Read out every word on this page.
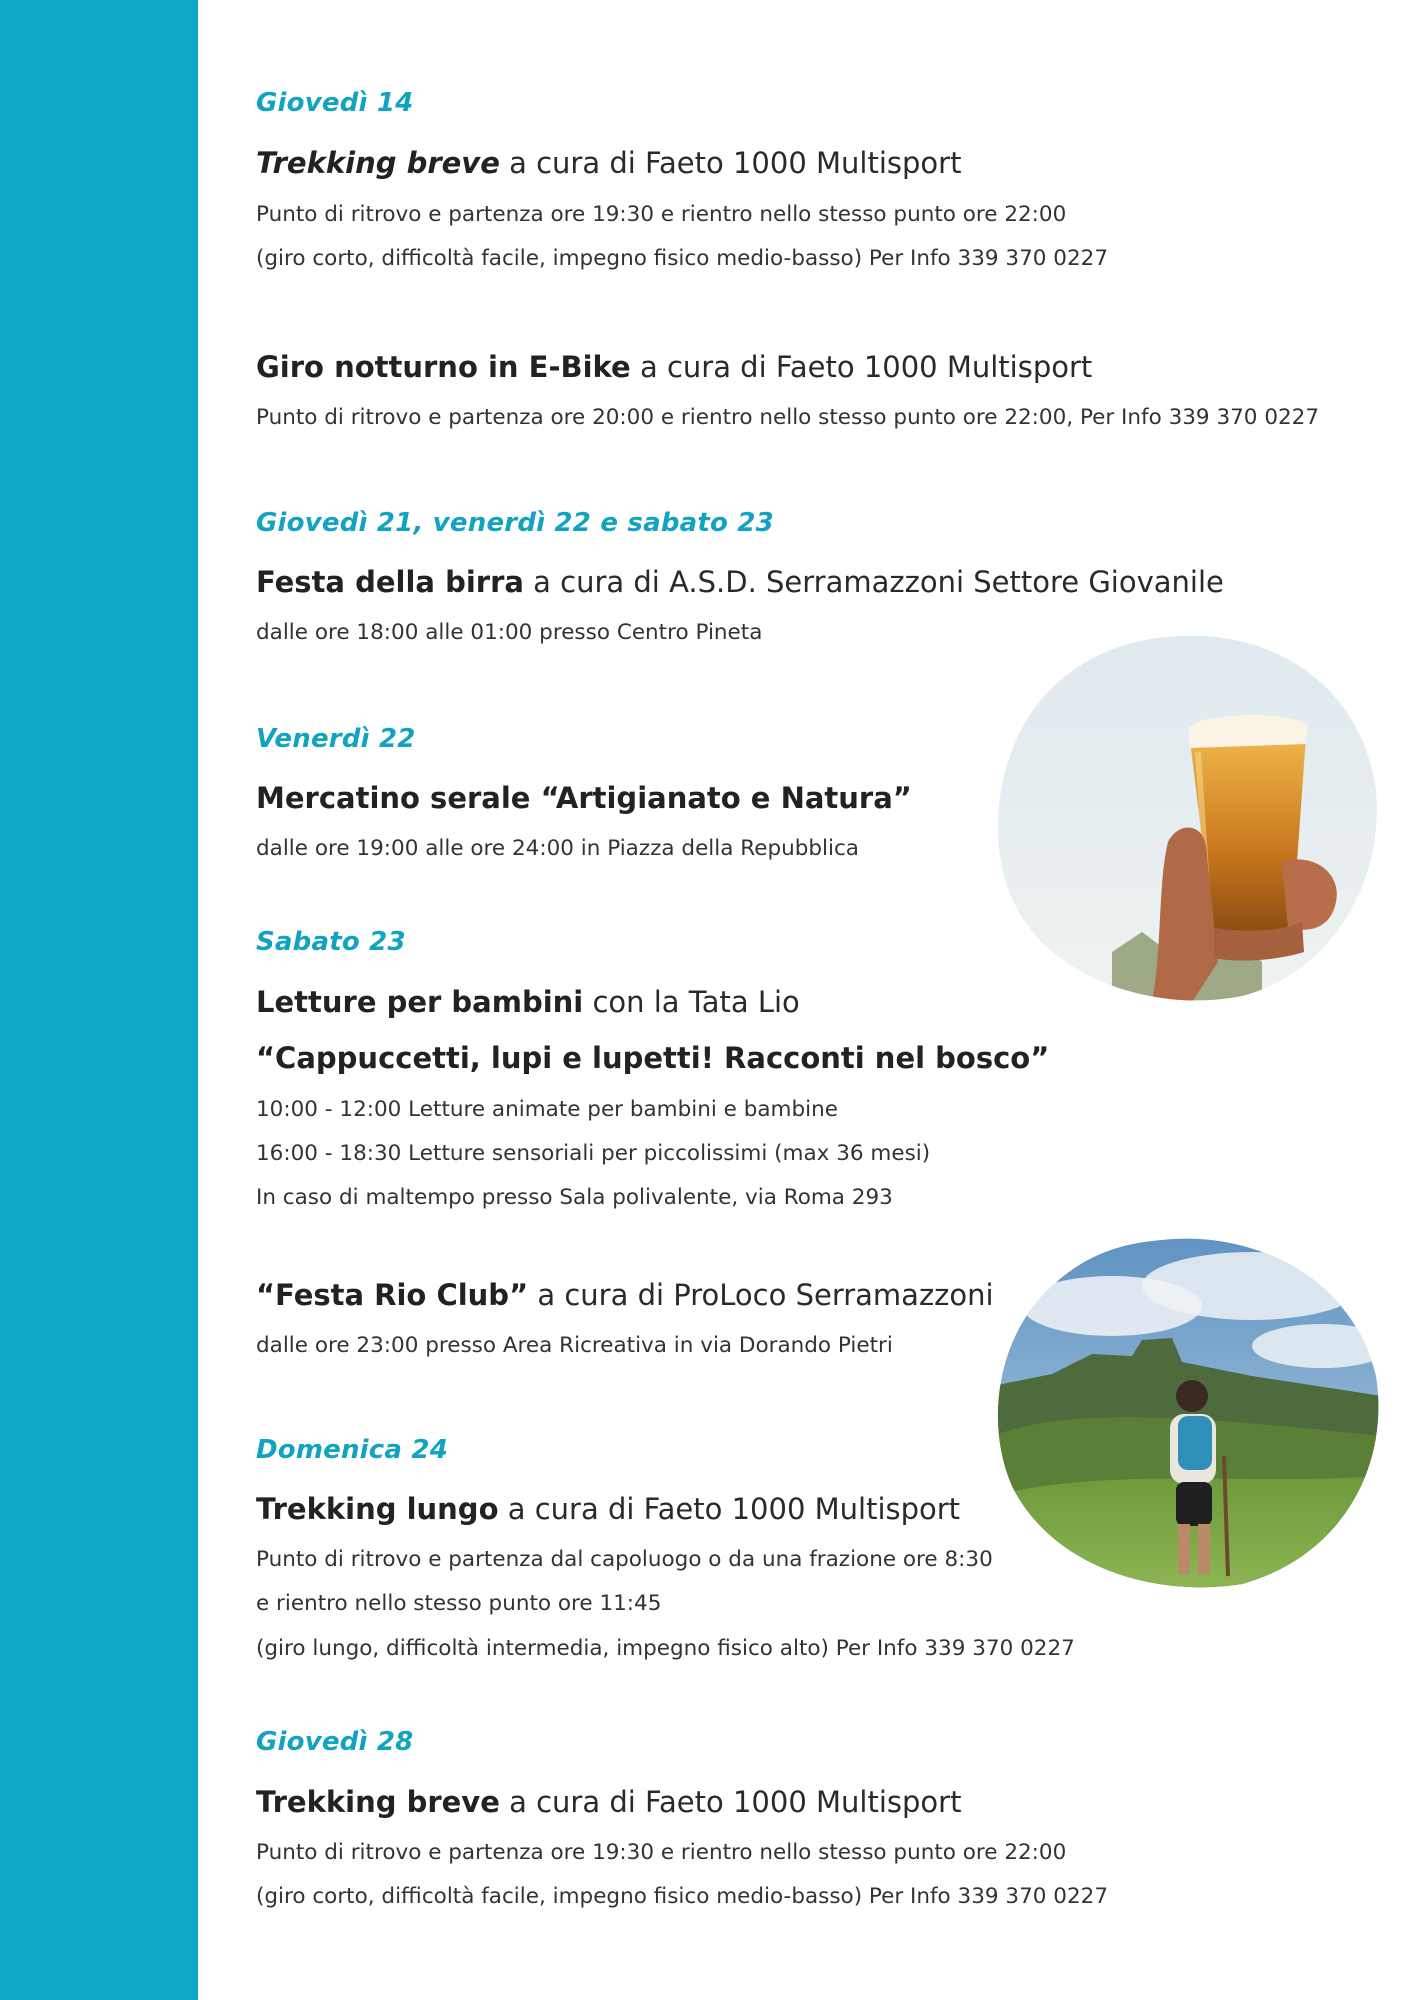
Giovedì 14
Trekking breve a cura di Faeto 1000 Multisport
Punto di ritrovo e partenza ore 19:30 e rientro nello stesso punto ore 22:00
(giro corto, difficoltà facile, impegno fisico medio-basso) Per Info 339 370 0227
Giro notturno in E-Bike a cura di Faeto 1000 Multisport
Punto di ritrovo e partenza ore 20:00 e rientro nello stesso punto ore 22:00, Per Info 339 370 0227
Giovedì 21, venerdì 22 e sabato 23
Festa della birra a cura di A.S.D. Serramazzoni Settore Giovanile
dalle ore 18:00 alle 01:00 presso Centro Pineta
Venerdì 22
Mercatino serale “Artigianato e Natura”
dalle ore 19:00 alle ore 24:00 in Piazza della Repubblica
Sabato 23
Letture per bambini con la Tata Lio
“Cappuccetti, lupi e lupetti! Racconti nel bosco”
10:00 - 12:00 Letture animate per bambini e bambine
16:00 - 18:30 Letture sensoriali per piccolissimi (max 36 mesi)
In caso di maltempo presso Sala polivalente, via Roma 293
“Festa Rio Club” a cura di ProLoco Serramazzoni
dalle ore 23:00 presso Area Ricreativa in via Dorando Pietri
Domenica 24
Trekking lungo a cura di Faeto 1000 Multisport
Punto di ritrovo e partenza dal capoluogo o da una frazione ore 8:30
e rientro nello stesso punto ore 11:45
(giro lungo, difficoltà intermedia, impegno fisico alto) Per Info 339 370 0227
Giovedì 28
Trekking breve a cura di Faeto 1000 Multisport
Punto di ritrovo e partenza ore 19:30 e rientro nello stesso punto ore 22:00
(giro corto, difficoltà facile, impegno fisico medio-basso) Per Info 339 370 0227
